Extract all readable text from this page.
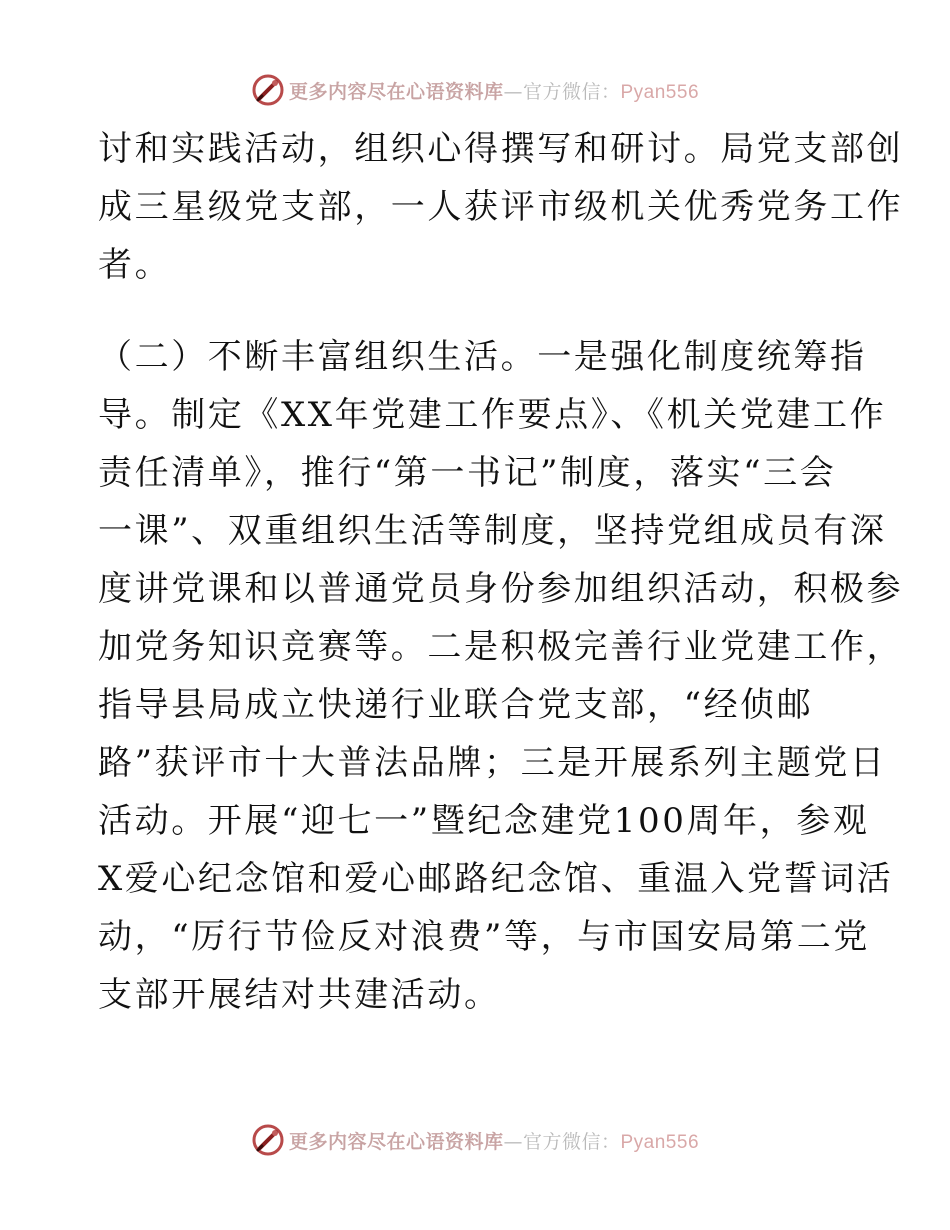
更多内容尽在心语资料库—官方微信：Pyan556
讨和实践活动，组织心得撰写和研讨。局党支部创
成三星级党支部，一人获评市级机关优秀党务工作
者。
（二）不断丰富组织生活。一是强化制度统筹指
导。制定《XX年党建工作要点》、《机关党建工作
责任清单》，推行“第一书记”制度，落实“三会
一课”、双重组织生活等制度，坚持党组成员有深
度讲党课和以普通党员身份参加组织活动，积极参
加党务知识竞赛等。二是积极完善行业党建工作，
指导县局成立快递行业联合党支部，“经侦邮
路”获评市十大普法品牌；三是开展系列主题党日
活动。开展“迎七一”暨纪念建党100周年，参观
X爱心纪念馆和爱心邮路纪念馆、重温入党誓词活
动，“厉行节俭反对浪费”等，与市国安局第二党
支部开展结对共建活动。
更多内容尽在心语资料库—官方微信：Pyan556
